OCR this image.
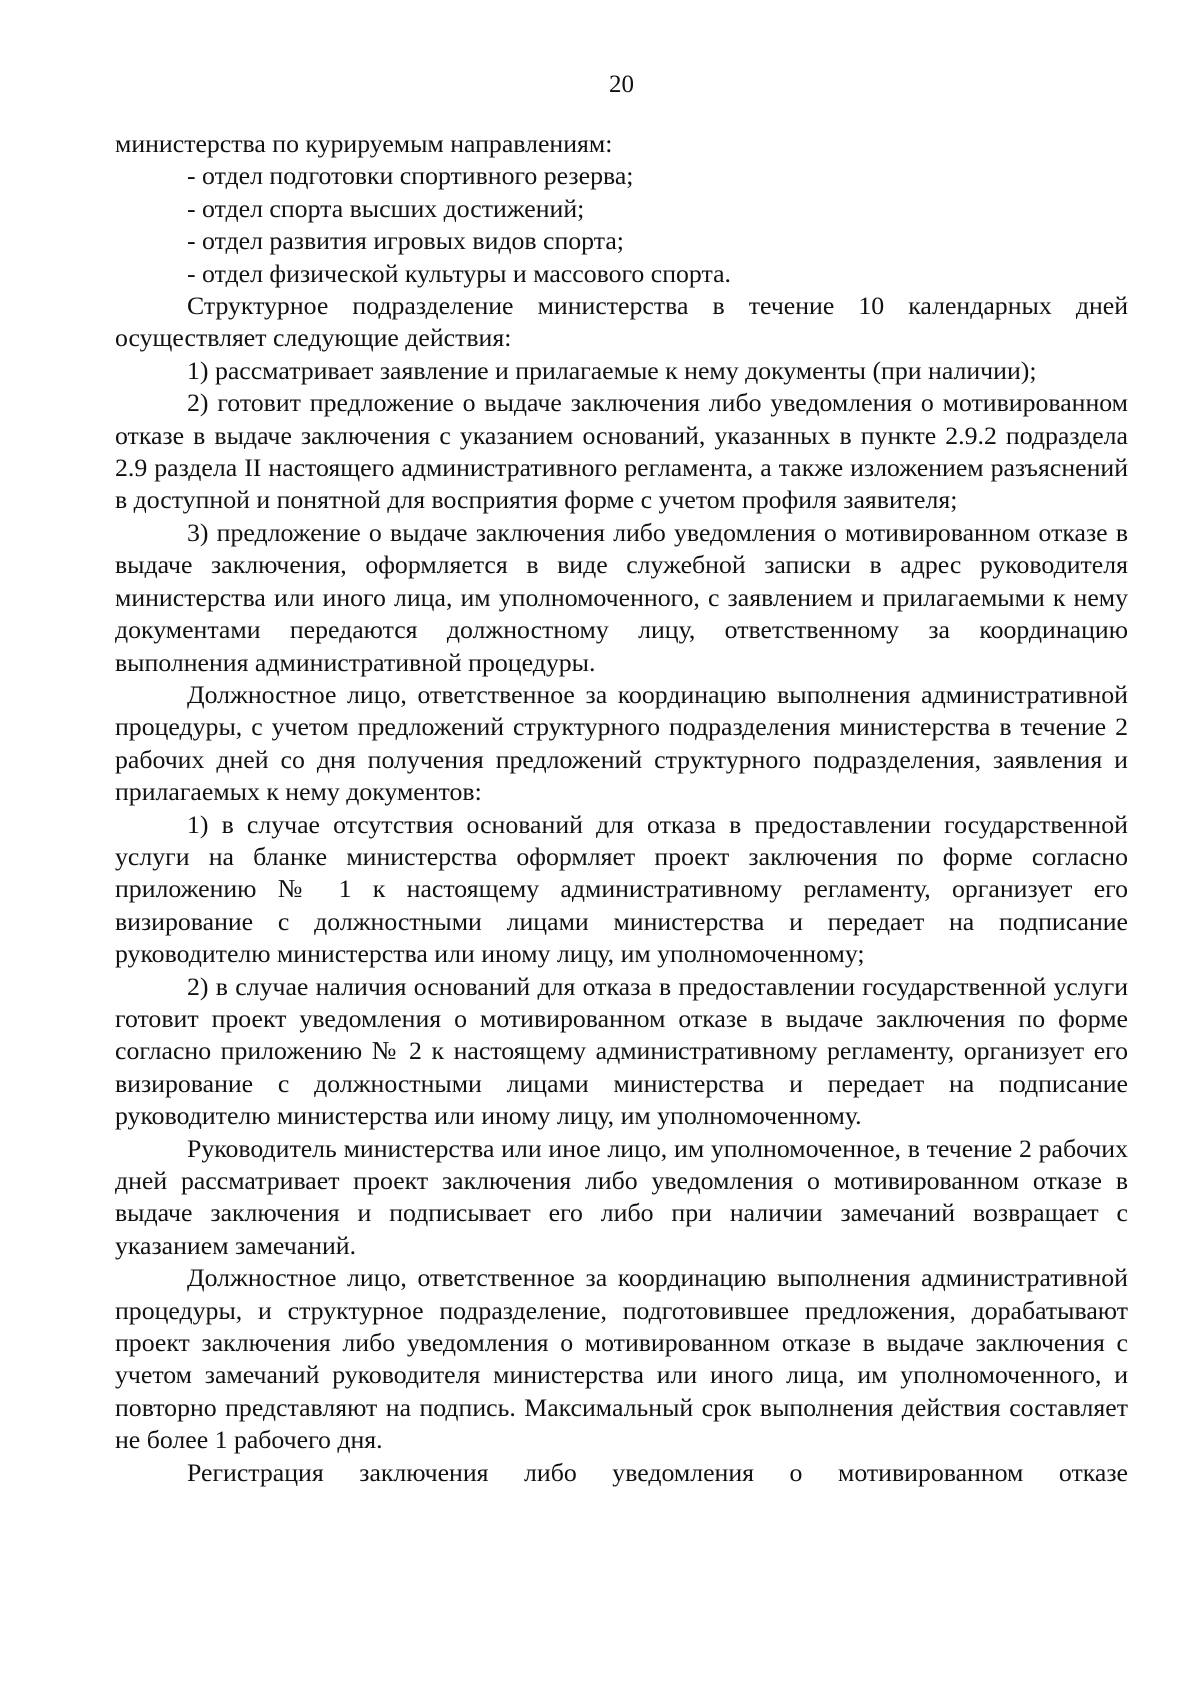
20

министерства по курируемым направлениям:

- отдел подготовки спортивного резерва;

- отдел спорта высших достижений;

- отдел развития игровых видов спорта;

- отдел физической культуры и массового спорта.

Структурное подразделение министерства в течение 10 календарных дней осуществляет следующие действия:

1) рассматривает заявление и прилагаемые к нему документы (при наличии);

2) готовит предложение о выдаче заключения либо уведомления о мотивированном отказе в выдаче заключения с указанием оснований, указанных в пункте 2.9.2 подраздела 2.9 раздела II настоящего административного регламента, а также изложением разъяснений в доступной и понятной для восприятия форме с учетом профиля заявителя;

3) предложение о выдаче заключения либо уведомления о мотивированном отказе в выдаче заключения, оформляется в виде служебной записки в адрес руководителя министерства или иного лица, им уполномоченного, с заявлением и прилагаемыми к нему документами передаются должностному лицу, ответственному за координацию выполнения административной процедуры.

Должностное лицо, ответственное за координацию выполнения административной процедуры, с учетом предложений структурного подразделения министерства в течение 2 рабочих дней со дня получения предложений структурного подразделения, заявления и прилагаемых к нему документов:

1) в случае отсутствия оснований для отказа в предоставлении государственной услуги на бланке министерства оформляет проект заключения по форме согласно приложению № 1 к настоящему административному регламенту, организует его визирование с должностными лицами министерства и передает на подписание руководителю министерства или иному лицу, им уполномоченному;

2) в случае наличия оснований для отказа в предоставлении государственной услуги готовит проект уведомления о мотивированном отказе в выдаче заключения по форме согласно приложению № 2 к настоящему административному регламенту, организует его визирование с должностными лицами министерства и передает на подписание руководителю министерства или иному лицу, им уполномоченному.

Руководитель министерства или иное лицо, им уполномоченное, в течение 2 рабочих дней рассматривает проект заключения либо уведомления о мотивированном отказе в выдаче заключения и подписывает его либо при наличии замечаний возвращает с указанием замечаний.

Должностное лицо, ответственное за координацию выполнения административной процедуры, и структурное подразделение, подготовившее предложения, дорабатывают проект заключения либо уведомления о мотивированном отказе в выдаче заключения с учетом замечаний руководителя министерства или иного лица, им уполномоченного, и повторно представляют на подпись. Максимальный срок выполнения действия составляет не более 1 рабочего дня.

Регистрация заключения либо уведомления о мотивированном отказе
